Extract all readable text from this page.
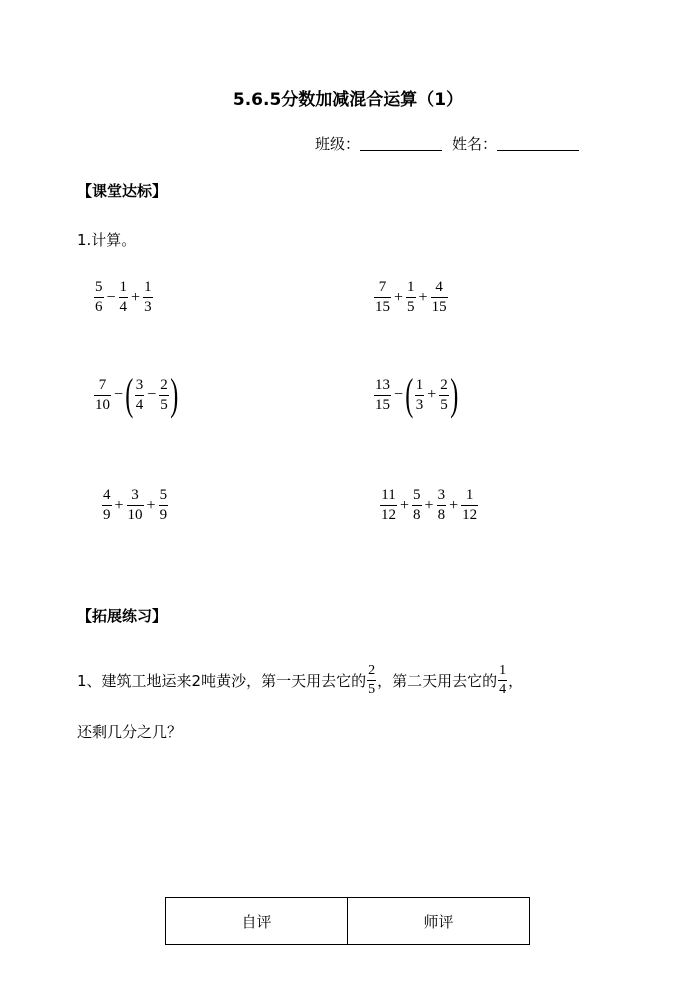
5.6.5分数加减混合运算（1）
班级：	姓名：
【课堂达标】
1.计算。
$\frac{5}{6} - \frac{1}{4} + \frac{1}{3}$	$\frac{7}{15} + \frac{1}{5} + \frac{4}{15}$
$\frac{7}{10}$ − ( $\frac{3}{4} - \frac{2}{5}$ )	$\frac{13}{15}$ − ( $\frac{1}{3} + \frac{2}{5}$ )
$\frac{4}{9} + \frac{3}{10} + \frac{5}{9}$	$\frac{11}{12} + \frac{5}{8} + \frac{3}{8} + \frac{1}{12}$
【拓展练习】
1、建筑工地运来2吨黄沙，第一天用去它的 $\frac{2}{5}$ ，第二天用去它的 $\frac{1}{4}$ ，
还剩几分之几？
自评	师评
